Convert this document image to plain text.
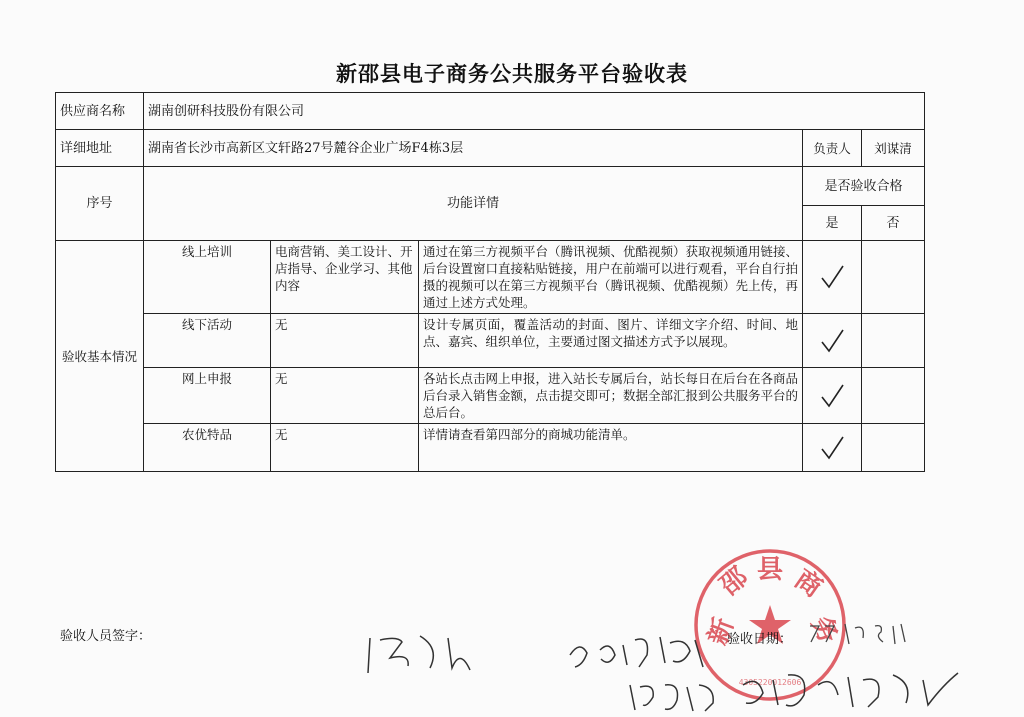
新邵县电子商务公共服务平台验收表
供应商名称	湖南创研科技股份有限公司				
详细地址	湖南省长沙市高新区文轩路27号麓谷企业广场F4栋3层			负责人	刘谋清
序号	功能详情			是否验收合格	
				是	否
验收基本情况	线上培训	电商营销、美工设计、开店指导、企业学习、其他内容	通过在第三方视频平台（腾讯视频、优酷视频）获取视频通用链接、后台设置窗口直接粘贴链接，用户在前端可以进行观看，平台自行拍摄的视频可以在第三方视频平台（腾讯视频、优酷视频）先上传，再通过上述方式处理。	

	线下活动	无	设计专属页面，覆盖活动的封面、图片、详细文字介绍、时间、地点、嘉宾、组织单位，主要通过图文描述方式予以展现。	

	网上申报	无	各站长点击网上申报，进入站长专属后台，站长每日在后台在各商品后台录入销售金额，点击提交即可；数据全部汇报到公共服务平台的总后台。	

	农优特品	无	详情请查看第四部分的商城功能清单。	

验收人员签字：	新
邵 县 商
务
4305220012606
验收日期：
